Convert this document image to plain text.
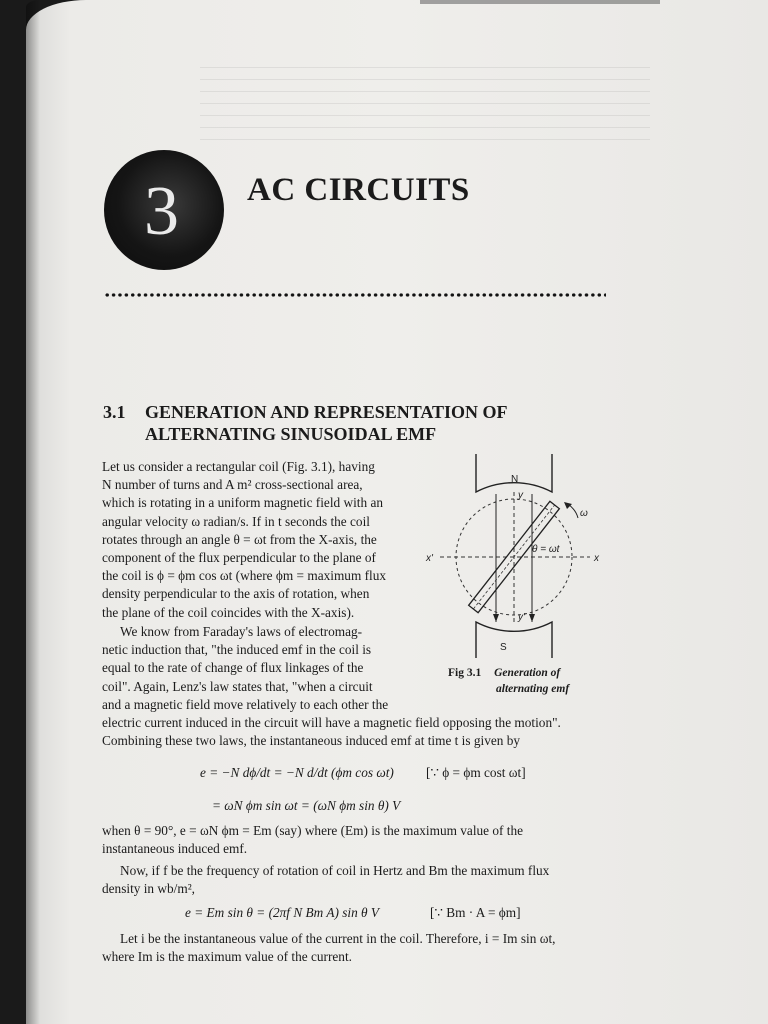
3 AC CIRCUITS
3.1 GENERATION AND REPRESENTATION OF
ALTERNATING SINUSOIDAL EMF
Let us consider a rectangular coil (Fig. 3.1), having
N number of turns and A m² cross-sectional area,
which is rotating in a uniform magnetic field with an
angular velocity ω radian/s. If in t seconds the coil
rotates through an angle θ = ωt from the X-axis, the
component of the flux perpendicular to the plane of
the coil is ϕ = ϕm cos ωt (where ϕm = maximum flux
density perpendicular to the axis of rotation, when
the plane of the coil coincides with the X-axis).
We know from Faraday's laws of electromag-
netic induction that, "the induced emf in the coil is
equal to the rate of change of flux linkages of the
coil". Again, Lenz's law states that, "when a circuit
and a magnetic field move relatively to each other the
electric current induced in the circuit will have a magnetic field opposing the motion".
Combining these two laws, the instantaneous induced emf at time t is given by
e = −N dϕ/dt = −N d/dt (ϕm cos ωt) [∵ ϕ = ϕm cost ωt]
= ωN ϕm sin ωt = (ωN ϕm sin θ) V
when θ = 90°, e = ωN ϕm = Em (say) where (Em) is the maximum value of the
instantaneous induced emf.
Now, if f be the frequency of rotation of coil in Hertz and Bm the maximum flux
density in wb/m²,
e = Em sin θ = (2πf N Bm A) sin θ V	[∵ Bm · A = ϕm]
Let i be the instantaneous value of the current in the coil. Therefore, i = Im sin ωt,
where Im is the maximum value of the current.
N
S
x
x'
y
y'
ω
θ = ωt
Fig 3.1 Generation of
alternating emf
